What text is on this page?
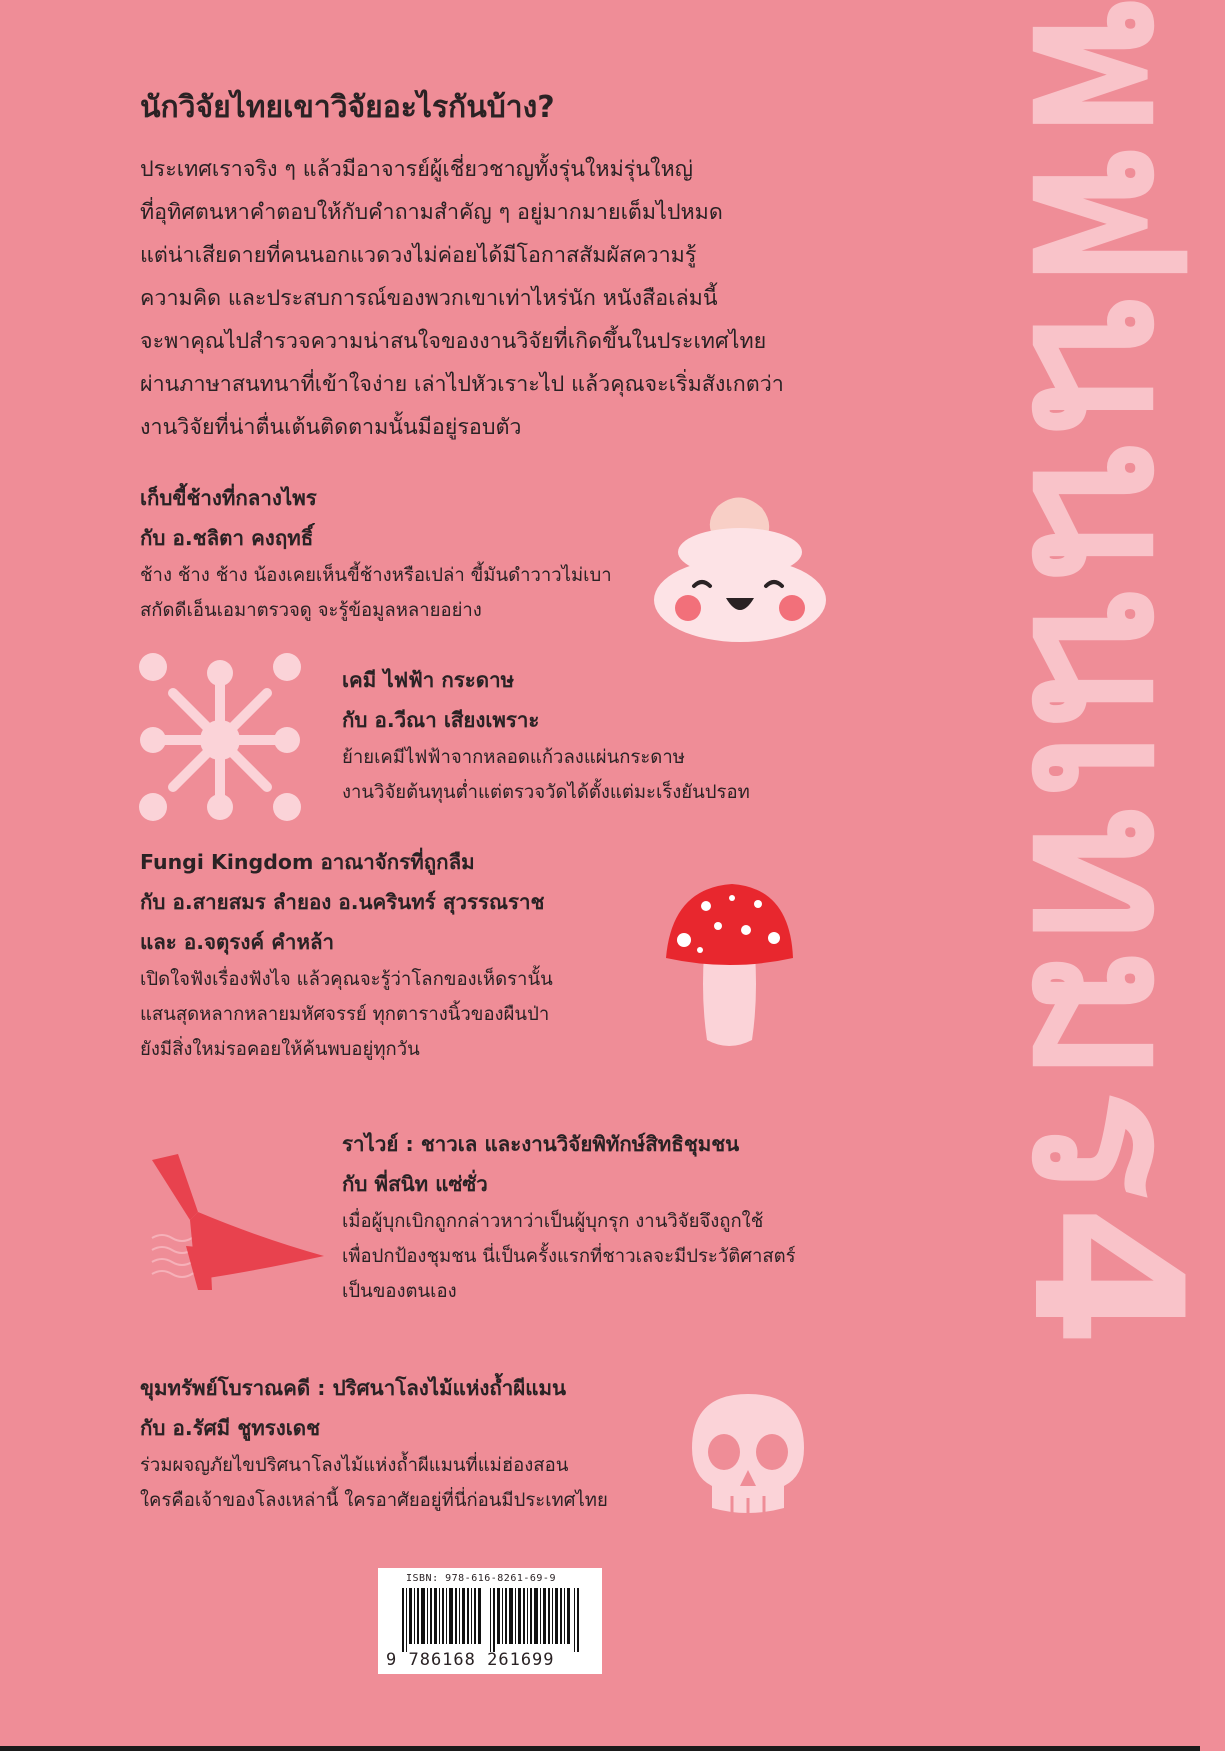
พฟนนนเทมร4
นักวิจัยไทยเขาวิจัยอะไรกันบ้าง?
ประเทศเราจริง ๆ แล้วมีอาจารย์ผู้เชี่ยวชาญทั้งรุ่นใหม่รุ่นใหญ่
ที่อุทิศตนหาคำตอบให้กับคำถามสำคัญ ๆ อยู่มากมายเต็มไปหมด
แต่น่าเสียดายที่คนนอกแวดวงไม่ค่อยได้มีโอกาสสัมผัสความรู้
ความคิด และประสบการณ์ของพวกเขาเท่าไหร่นัก หนังสือเล่มนี้
จะพาคุณไปสำรวจความน่าสนใจของงานวิจัยที่เกิดขึ้นในประเทศไทย
ผ่านภาษาสนทนาที่เข้าใจง่าย เล่าไปหัวเราะไป แล้วคุณจะเริ่มสังเกตว่า
งานวิจัยที่น่าตื่นเต้นติดตามนั้นมีอยู่รอบตัว
เก็บขี้ช้างที่กลางไพร
กับ อ.ชลิตา คงฤทธิ์
ช้าง ช้าง ช้าง น้องเคยเห็นขี้ช้างหรือเปล่า ขี้มันดำวาวไม่เบา
สกัดดีเอ็นเอมาตรวจดู จะรู้ข้อมูลหลายอย่าง
เคมี ไฟฟ้า กระดาษ
กับ อ.วีณา เสียงเพราะ
ย้ายเคมีไฟฟ้าจากหลอดแก้วลงแผ่นกระดาษ
งานวิจัยต้นทุนต่ำแต่ตรวจวัดได้ตั้งแต่มะเร็งยันปรอท
Fungi Kingdom อาณาจักรที่ถูกลืม
กับ อ.สายสมร ลำยอง อ.นครินทร์ สุวรรณราช
และ อ.จตุรงค์ คำหล้า
เปิดใจฟังเรื่องฟังไจ แล้วคุณจะรู้ว่าโลกของเห็ดรานั้น
แสนสุดหลากหลายมหัศจรรย์ ทุกตารางนิ้วของผืนป่า
ยังมีสิ่งใหม่รอคอยให้ค้นพบอยู่ทุกวัน
ราไวย์ : ชาวเล และงานวิจัยพิทักษ์สิทธิชุมชน
กับ พี่สนิท แซ่ซั่ว
เมื่อผู้บุกเบิกถูกกล่าวหาว่าเป็นผู้บุกรุก งานวิจัยจึงถูกใช้
เพื่อปกป้องชุมชน นี่เป็นครั้งแรกที่ชาวเลจะมีประวัติศาสตร์
เป็นของตนเอง
ขุมทรัพย์โบราณคดี : ปริศนาโลงไม้แห่งถ้ำผีแมน
กับ อ.รัศมี ชูทรงเดช
ร่วมผจญภัยไขปริศนาโลงไม้แห่งถ้ำผีแมนที่แม่ฮ่องสอน
ใครคือเจ้าของโลงเหล่านี้ ใครอาศัยอยู่ที่นี่ก่อนมีประเทศไทย
ISBN: 978-616-8261-69-9
9 786168 261699
